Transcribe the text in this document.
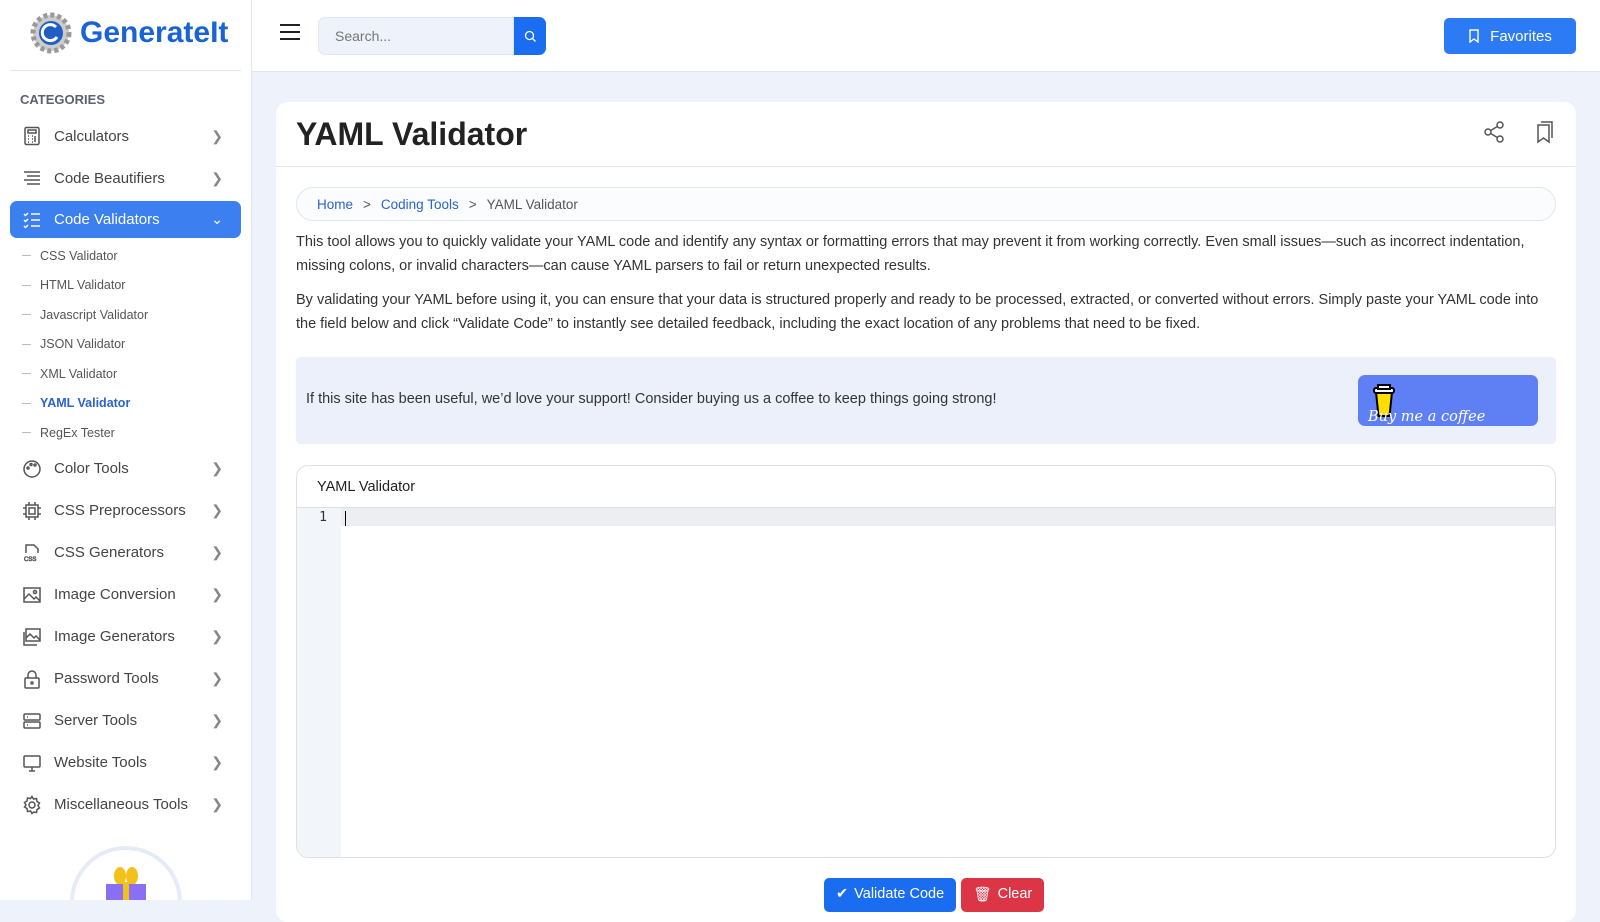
GenerateIt
CATEGORIES
Calculators	❯
Code Beautifiers	❯
Code Validators	⌄
CSS Validator
HTML Validator
Javascript Validator
JSON Validator
XML Validator
YAML Validator
RegEx Tester
Color Tools	❯
CSS Preprocessors ❯
CSS CSS Generators	❯
Image Conversion	❯
Image Generators	❯
Password Tools	❯
Server Tools	❯
Website Tools	❯
Miscellaneous Tools ❯
Search...
Favorites
YAML Validator
Home > Coding Tools > YAML Validator

This tool allows you to quickly validate your YAML code and identify any syntax or formatting errors that may prevent it from working correctly. Even small issues—such as incorrect indentation, missing colons, or invalid characters—can cause YAML parsers to fail or return unexpected results.

By validating your YAML before using it, you can ensure that your data is structured properly and ready to be processed, extracted, or converted without errors. Simply paste your YAML code into the field below and click “Validate Code” to instantly see detailed feedback, including the exact location of any problems that need to be fixed.

If this site has been useful, we’d love your support! Consider buying us a coffee to keep things going strong!
Buy me a coffee
YAML Validator
1
✔ Validate Code 🗑 Clear
